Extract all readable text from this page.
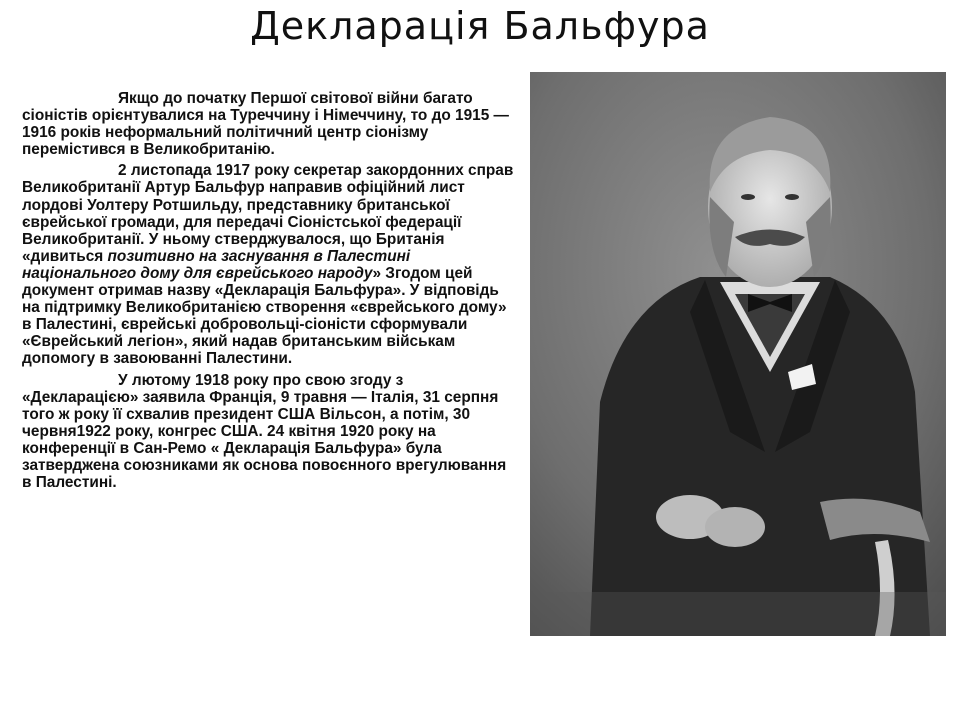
Декларація Бальфура

Якщо до початку Першої світової війни багато сіоністів орієнтувалися на Туреччину і Німеччину, то до 1915 — 1916 років неформальний політичний центр сіонізму перемістився в Великобританію.

2 листопада 1917 року секретар закордонних справ Великобританії Артур Бальфур направив офіційний лист лордові Уолтеру Ротшильду, представнику британської єврейської громади, для передачі Сіоністської федерації Великобританії. У ньому стверджувалося, що Британія «дивиться позитивно на заснування в Палестині національного дому для єврейського народу» Згодом цей документ отримав назву «Декларація Бальфура». У відповідь на підтримку Великобританією створення «єврейського дому» в Палестині, єврейські добровольці-сіоністи сформували «Єврейський легіон», який надав британським військам допомогу в завоюванні Палестини.

У лютому 1918 року про свою згоду з «Декларацією» заявила Франція, 9 травня — Італія, 31 серпня того ж року її схвалив президент США Вільсон, а потім, 30 червня1922 року, конгрес США. 24 квітня 1920 року на конференції в Сан-Ремо « Декларація Бальфура» була затверджена союзниками як основа повоєнного врегулювання в Палестині.
